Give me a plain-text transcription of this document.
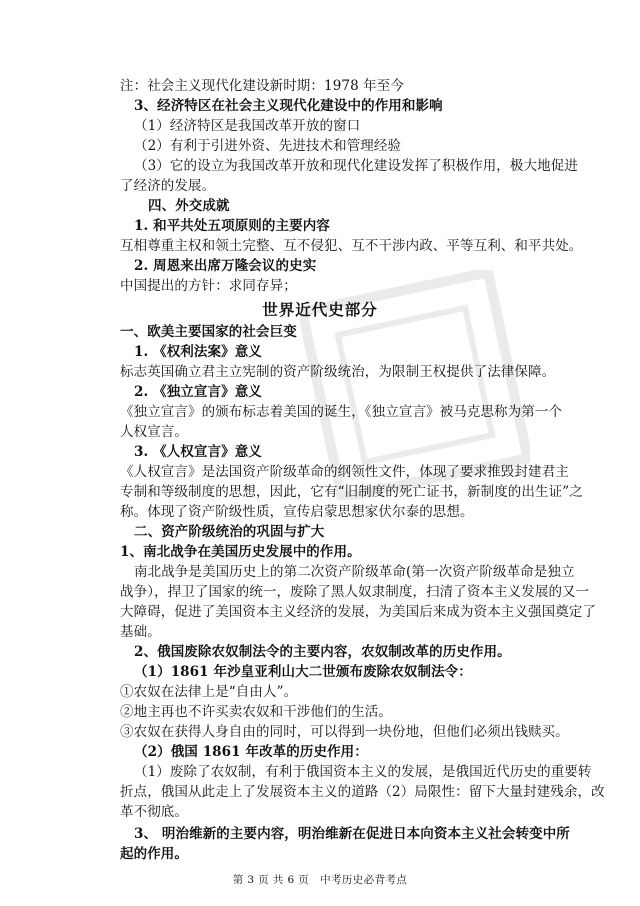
注：社会主义现代化建设新时期：1978 年至今
3、经济特区在社会主义现代化建设中的作用和影响
（1）经济特区是我国改革开放的窗口
（2）有利于引进外资、先进技术和管理经验
（3）它的设立为我国改革开放和现代化建设发挥了积极作用，极大地促进
了经济的发展。
四、外交成就
1. 和平共处五项原则的主要内容
互相尊重主权和领土完整、互不侵犯、互不干涉内政、平等互利、和平共处。
2. 周恩来出席万隆会议的史实
中国提出的方针：求同存异；
世界近代史部分
一、欧美主要国家的社会巨变
1. 《权利法案》意义
标志英国确立君主立宪制的资产阶级统治，为限制王权提供了法律保障。
2. 《独立宣言》意义
《独立宣言》的颁布标志着美国的诞生，《独立宣言》被马克思称为第一个
人权宣言。
3. 《人权宣言》意义
《人权宣言》是法国资产阶级革命的纲领性文件，体现了要求推毁封建君主
专制和等级制度的思想，因此，它有“旧制度的死亡证书，新制度的出生证”之
称。体现了资产阶级性质，宣传启蒙思想家伏尔泰的思想。
二、资产阶级统治的巩固与扩大
1、南北战争在美国历史发展中的作用。
南北战争是美国历史上的第二次资产阶级革命(第一次资产阶级革命是独立
战争），捍卫了国家的统一，废除了黑人奴隶制度，扫清了资本主义发展的又一
大障碍，促进了美国资本主义经济的发展，为美国后来成为资本主义强国奠定了
基础。
2、俄国废除农奴制法令的主要内容，农奴制改革的历史作用。
（1）1861 年沙皇亚利山大二世颁布废除农奴制法令：
①农奴在法律上是“自由人”。
②地主再也不许买卖农奴和干涉他们的生活。
③农奴在获得人身自由的同时，可以得到一块份地，但他们必须出钱赎买。
（2）俄国 1861 年改革的历史作用：
（1）废除了农奴制，有利于俄国资本主义的发展，是俄国近代历史的重要转
折点，俄国从此走上了发展资本主义的道路（2）局限性：留下大量封建残余，改
革不彻底。
3、 明治维新的主要内容，明治维新在促进日本向资本主义社会转变中所
起的作用。
第 3 页 共 6 页　中考历史必背考点
